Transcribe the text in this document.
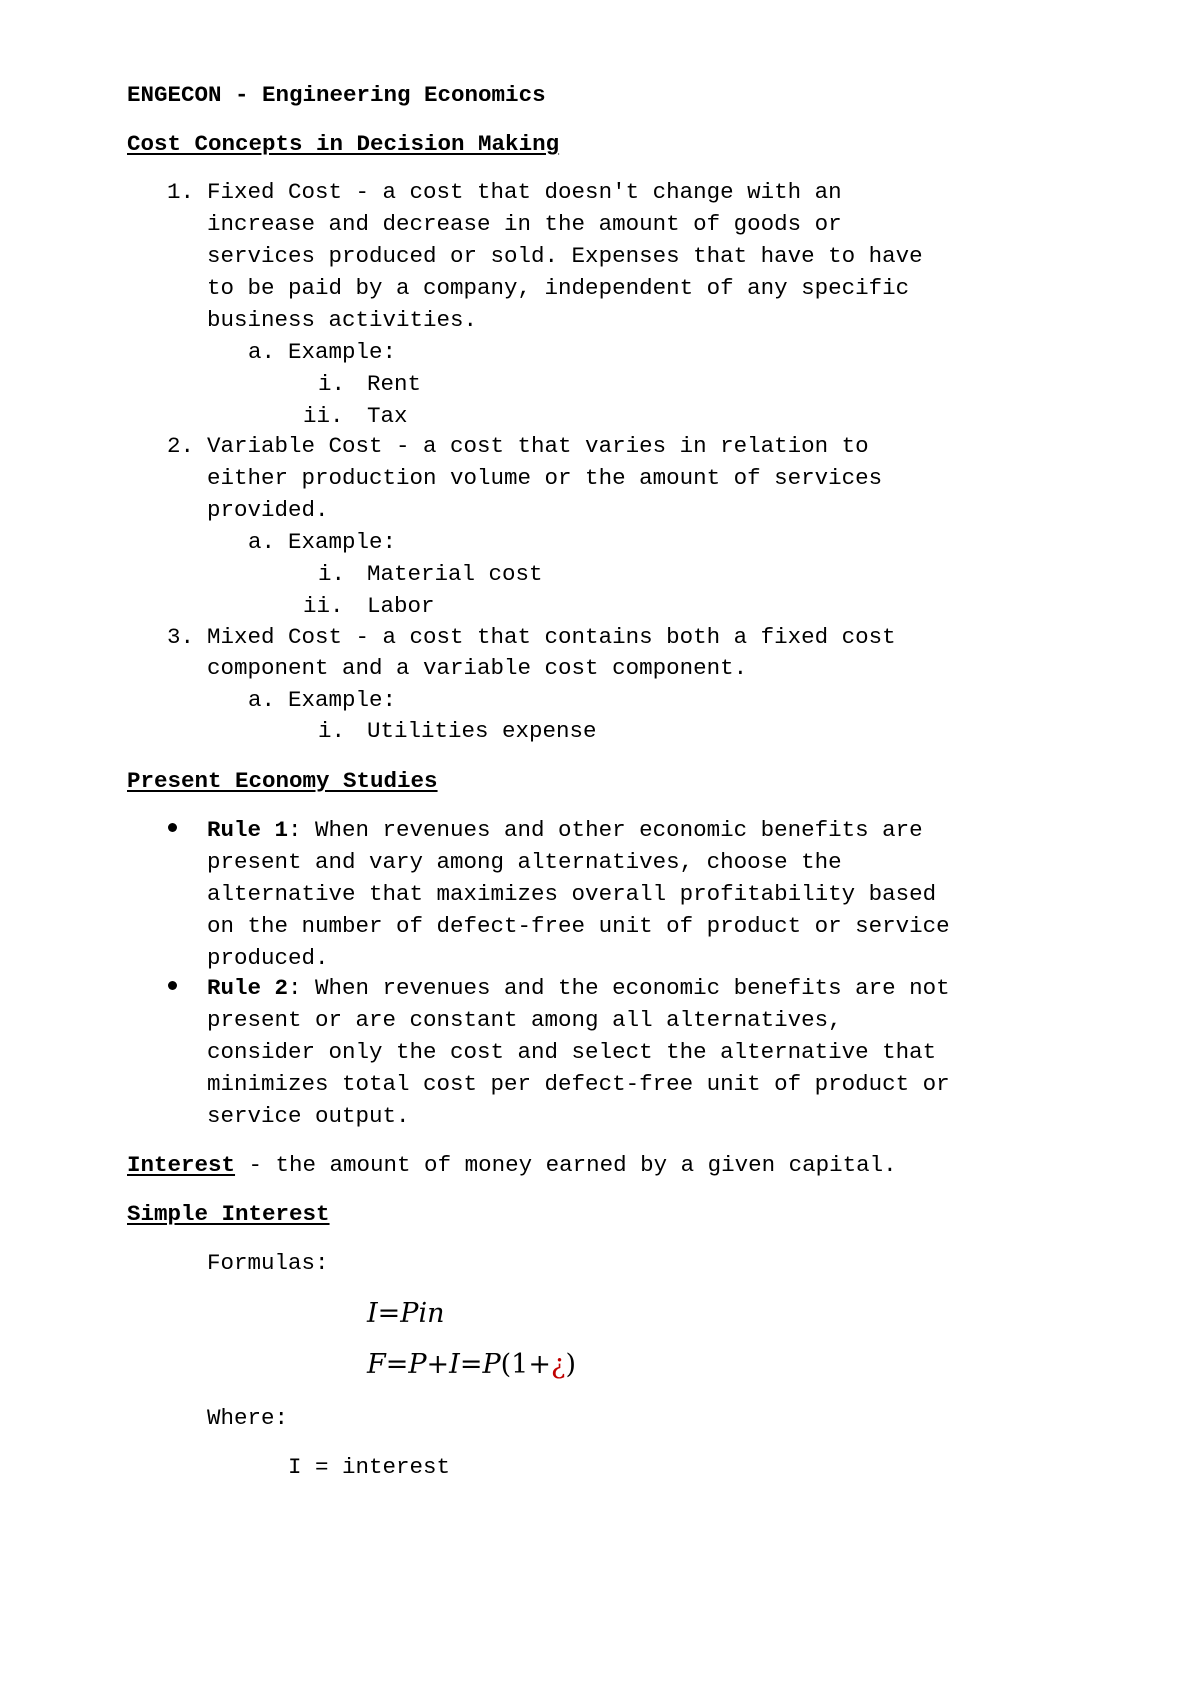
ENGECON - Engineering Economics
Cost Concepts in Decision Making
1. Fixed Cost - a cost that doesn't change with an
increase and decrease in the amount of goods or
services produced or sold. Expenses that have to have
to be paid by a company, independent of any specific
business activities.
a. Example:
i. Rent
ii. Tax
2. Variable Cost - a cost that varies in relation to
either production volume or the amount of services
provided.
a. Example:
i. Material cost
ii. Labor
3. Mixed Cost - a cost that contains both a fixed cost
component and a variable cost component.
a. Example:
i. Utilities expense
Present Economy Studies
Rule 1: When revenues and other economic benefits are
present and vary among alternatives, choose the
alternative that maximizes overall profitability based
on the number of defect-free unit of product or service
produced.
Rule 2: When revenues and the economic benefits are not
present or are constant among all alternatives,
consider only the cost and select the alternative that
minimizes total cost per defect-free unit of product or
service output.
Interest - the amount of money earned by a given capital.
Simple Interest
Formulas:
I=Pin
F=P+I=P(1+¿)
Where:
I = interest
